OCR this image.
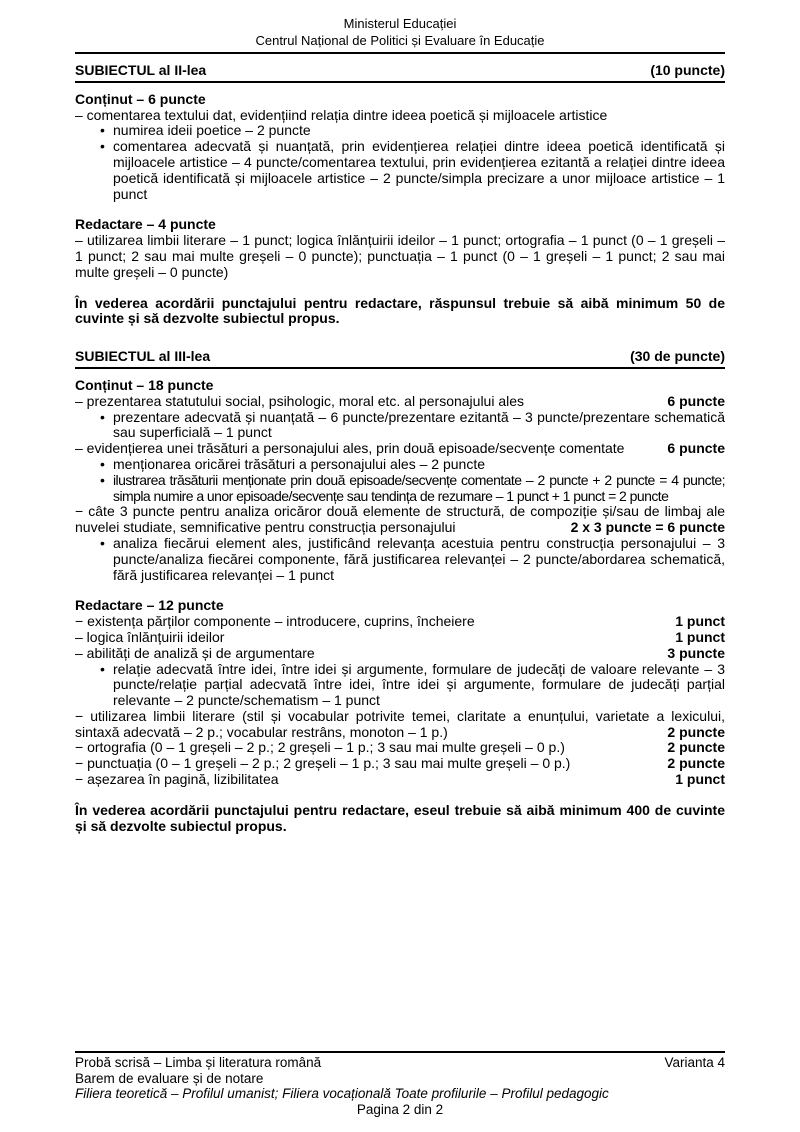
Ministerul Educației
Centrul Național de Politici și Evaluare în Educație
SUBIECTUL al II-lea	(10 puncte)
Conținut – 6 puncte
– comentarea textului dat, evidențiind relația dintre ideea poetică și mijloacele artistice
• numirea ideii poetice – 2 puncte
• comentarea adecvată și nuanțată, prin evidențierea relației dintre ideea poetică identificată și mijloacele artistice – 4 puncte/comentarea textului, prin evidențierea ezitantă a relației dintre ideea poetică identificată și mijloacele artistice – 2 puncte/simpla precizare a unor mijloace artistice – 1 punct
Redactare – 4 puncte
– utilizarea limbii literare – 1 punct; logica înlănțuirii ideilor – 1 punct; ortografia – 1 punct (0 – 1 greșeli – 1 punct; 2 sau mai multe greșeli – 0 puncte); punctuația – 1 punct (0 – 1 greșeli – 1 punct; 2 sau mai multe greșeli – 0 puncte)
În vederea acordării punctajului pentru redactare, răspunsul trebuie să aibă minimum 50 de cuvinte și să dezvolte subiectul propus.
SUBIECTUL al III-lea	(30 de puncte)
Conținut – 18 puncte
– prezentarea statutului social, psihologic, moral etc. al personajului ales	6 puncte
• prezentare adecvată și nuanțată – 6 puncte/prezentare ezitantă – 3 puncte/prezentare schematică sau superficială – 1 punct
– evidențierea unei trăsături a personajului ales, prin două episoade/secvențe comentate	6 puncte
• menționarea oricărei trăsături a personajului ales – 2 puncte
• ilustrarea trăsăturii menționate prin două episoade/secvențe comentate – 2 puncte + 2 puncte = 4 puncte; simpla numire a unor episoade/secvențe sau tendința de rezumare – 1 punct + 1 punct = 2 puncte
− câte 3 puncte pentru analiza oricăror două elemente de structură, de compoziție și/sau de limbaj ale nuvelei studiate, semnificative pentru construcția personajului	2 x 3 puncte = 6 puncte
• analiza fiecărui element ales, justificând relevanța acestuia pentru construcția personajului – 3 puncte/analiza fiecărei componente, fără justificarea relevanței – 2 puncte/abordarea schematică, fără justificarea relevanței – 1 punct
Redactare – 12 puncte
− existența părților componente – introducere, cuprins, încheiere	1 punct
– logica înlănțuirii ideilor	1 punct
– abilități de analiză și de argumentare	3 puncte
• relație adecvată între idei, între idei și argumente, formulare de judecăți de valoare relevante – 3 puncte/relație parțial adecvată între idei, între idei și argumente, formulare de judecăți parțial relevante – 2 puncte/schematism – 1 punct
− utilizarea limbii literare (stil și vocabular potrivite temei, claritate a enunțului, varietate a lexicului, sintaxă adecvată – 2 p.; vocabular restrâns, monoton – 1 p.)	2 puncte
− ortografia (0 – 1 greșeli – 2 p.; 2 greșeli – 1 p.; 3 sau mai multe greșeli – 0 p.)	2 puncte
− punctuația (0 – 1 greșeli – 2 p.; 2 greșeli – 1 p.; 3 sau mai multe greșeli – 0 p.)	2 puncte
− așezarea în pagină, lizibilitatea	1 punct
În vederea acordării punctajului pentru redactare, eseul trebuie să aibă minimum 400 de cuvinte și să dezvolte subiectul propus.
Probă scrisă – Limba și literatura română	Varianta 4
Barem de evaluare și de notare
Filiera teoretică – Profilul umanist; Filiera vocațională Toate profilurile – Profilul pedagogic
Pagina 2 din 2
